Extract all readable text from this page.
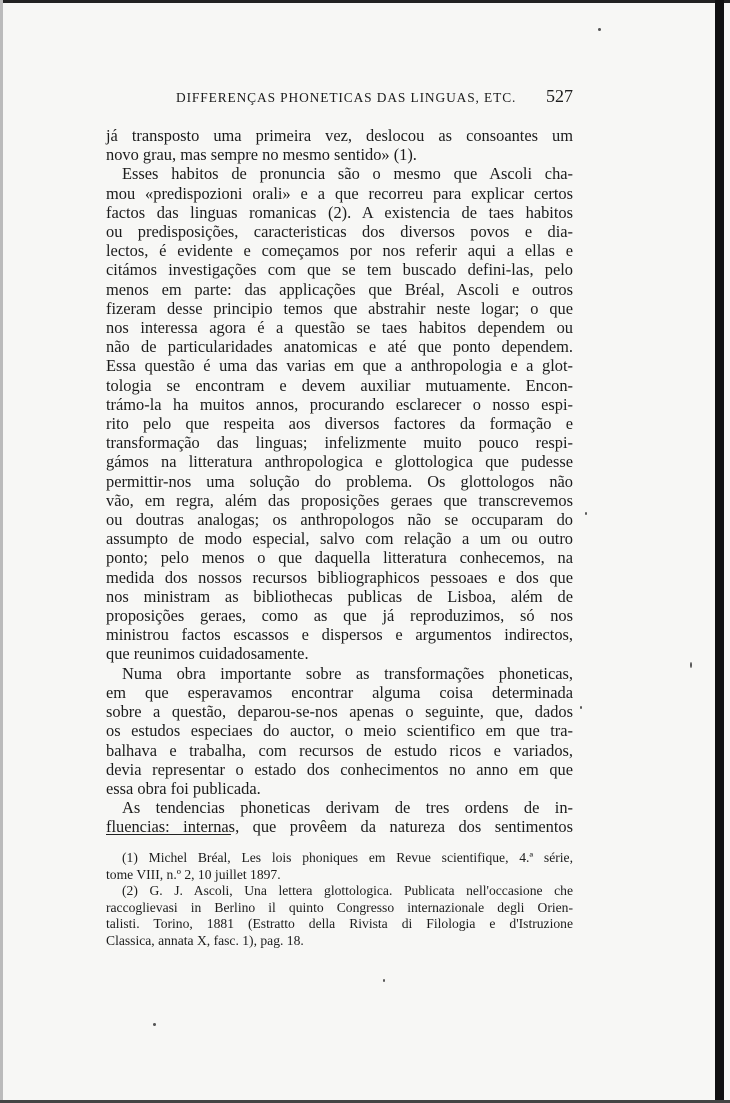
DIFFERENÇAS PHONETICAS DAS LINGUAS, ETC. 527
já transposto uma primeira vez, deslocou as consoantes um
novo grau, mas sempre no mesmo sentido» (1).
Esses habitos de pronuncia são o mesmo que Ascoli cha-
mou «predispozioni orali» e a que recorreu para explicar certos
factos das linguas romanicas (2). A existencia de taes habitos
ou predisposições, caracteristicas dos diversos povos e dia-
lectos, é evidente e começamos por nos referir aqui a ellas e
citámos investigações com que se tem buscado defini-las, pelo
menos em parte: das applicações que Bréal, Ascoli e outros
fizeram desse principio temos que abstrahir neste logar; o que
nos interessa agora é a questão se taes habitos dependem ou
não de particularidades anatomicas e até que ponto dependem.
Essa questão é uma das varias em que a anthropologia e a glot-
tologia se encontram e devem auxiliar mutuamente. Encon-
trámo-la ha muitos annos, procurando esclarecer o nosso espi-
rito pelo que respeita aos diversos factores da formação e
transformação das linguas; infelizmente muito pouco respi-
gámos na litteratura anthropologica e glottologica que pudesse
permittir-nos uma solução do problema. Os glottologos não
vão, em regra, além das proposições geraes que transcrevemos
ou doutras analogas; os anthropologos não se occuparam do
assumpto de modo especial, salvo com relação a um ou outro
ponto; pelo menos o que daquella litteratura conhecemos, na
medida dos nossos recursos bibliographicos pessoaes e dos que
nos ministram as bibliothecas publicas de Lisboa, além de
proposições geraes, como as que já reproduzimos, só nos
ministrou factos escassos e dispersos e argumentos indirectos,
que reunimos cuidadosamente.
Numa obra importante sobre as transformações phoneticas,
em que esperavamos encontrar alguma coisa determinada
sobre a questão, deparou-se-nos apenas o seguinte, que, dados
os estudos especiaes do auctor, o meio scientifico em que tra-
balhava e trabalha, com recursos de estudo ricos e variados,
devia representar o estado dos conhecimentos no anno em que
essa obra foi publicada.
As tendencias phoneticas derivam de tres ordens de in-
fluencias: internas, que provêem da natureza dos sentimentos
(1) Michel Bréal, Les lois phoniques em Revue scientifique, 4.ª série,
tome VIII, n.º 2, 10 juillet 1897.
(2) G. J. Ascoli, Una lettera glottologica. Publicata nell'occasione che
raccoglievasi in Berlino il quinto Congresso internazionale degli Orien-
talisti. Torino, 1881 (Estratto della Rivista di Filologia e d'Istruzione
Classica, annata X, fasc. 1), pag. 18.
